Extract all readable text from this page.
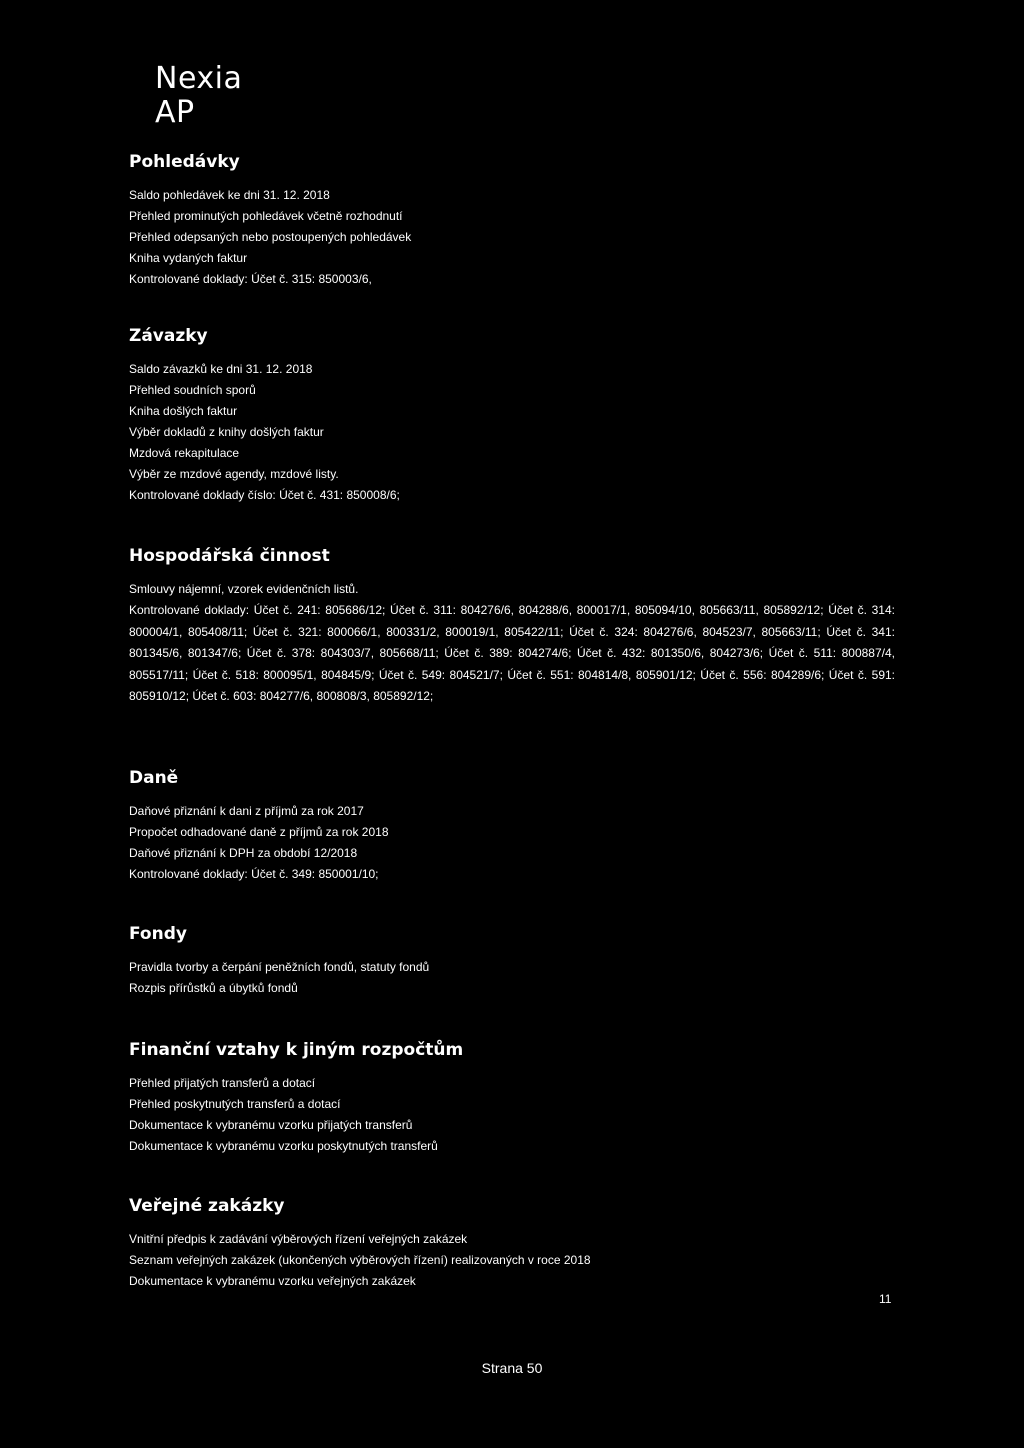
Nexia
AP
Pohledávky
Saldo pohledávek ke dni 31. 12. 2018
Přehled prominutých pohledávek včetně rozhodnutí
Přehled odepsaných nebo postoupených pohledávek
Kniha vydaných faktur
Kontrolované doklady: Účet č. 315: 850003/6,
Závazky
Saldo závazků ke dni 31. 12. 2018
Přehled soudních sporů
Kniha došlých faktur
Výběr dokladů z knihy došlých faktur
Mzdová rekapitulace
Výběr ze mzdové agendy, mzdové listy.
Kontrolované doklady číslo: Účet č. 431: 850008/6;
Hospodářská činnost
Smlouvy nájemní, vzorek evidenčních listů.

Kontrolované doklady: Účet č. 241: 805686/12; Účet č. 311: 804276/6, 804288/6, 800017/1, 805094/10, 805663/11, 805892/12; Účet č. 314: 800004/1, 805408/11; Účet č. 321: 800066/1, 800331/2, 800019/1, 805422/11; Účet č. 324: 804276/6, 804523/7, 805663/11; Účet č. 341: 801345/6, 801347/6; Účet č. 378: 804303/7, 805668/11; Účet č. 389: 804274/6; Účet č. 432: 801350/6, 804273/6; Účet č. 511: 800887/4, 805517/11; Účet č. 518: 800095/1, 804845/9; Účet č. 549: 804521/7; Účet č. 551: 804814/8, 805901/12; Účet č. 556: 804289/6; Účet č. 591: 805910/12; Účet č. 603: 804277/6, 800808/3, 805892/12;

Daně
Daňové přiznání k dani z příjmů za rok 2017
Propočet odhadované daně z příjmů za rok 2018
Daňové přiznání k DPH za období 12/2018
Kontrolované doklady: Účet č. 349: 850001/10;
Fondy
Pravidla tvorby a čerpání peněžních fondů, statuty fondů
Rozpis přírůstků a úbytků fondů
Finanční vztahy k jiným rozpočtům
Přehled přijatých transferů a dotací
Přehled poskytnutých transferů a dotací
Dokumentace k vybranému vzorku přijatých transferů
Dokumentace k vybranému vzorku poskytnutých transferů
Veřejné zakázky
Vnitřní předpis k zadávání výběrových řízení veřejných zakázek
Seznam veřejných zakázek (ukončených výběrových řízení) realizovaných v roce 2018
Dokumentace k vybranému vzorku veřejných zakázek
11
Strana 50
